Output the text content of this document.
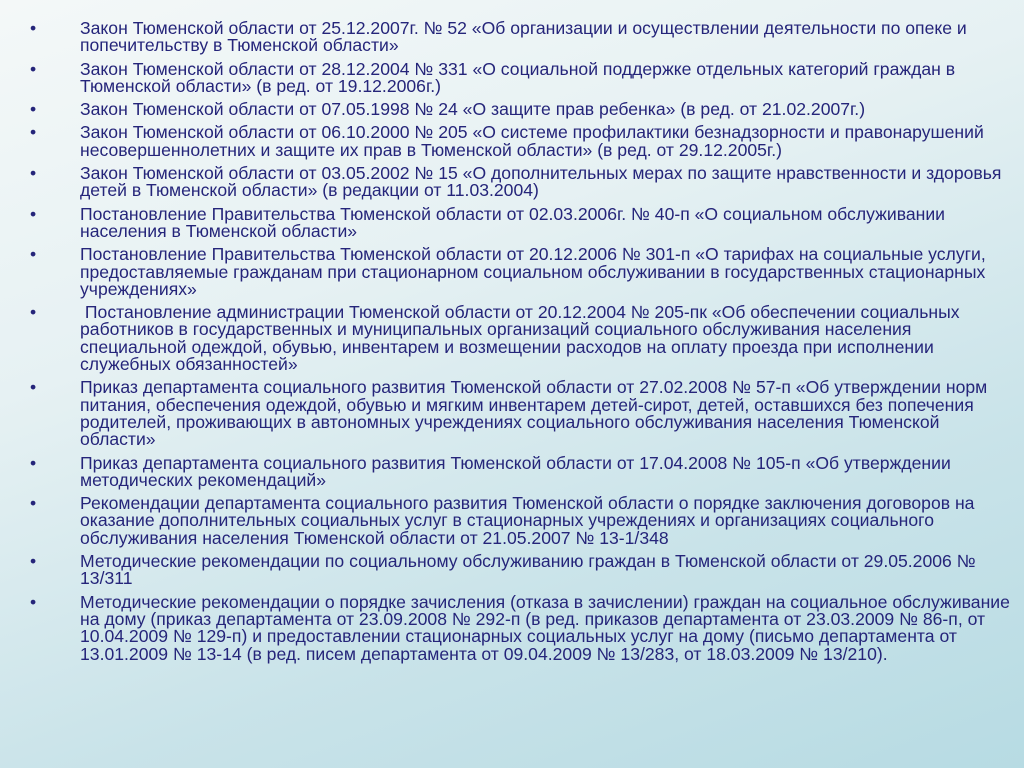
• Закон Тюменской области от 25.12.2007г. № 52 «Об организации и осуществлении деятельности по опеке и попечительству в Тюменской области»
• Закон Тюменской области от 28.12.2004 № 331 «О социальной поддержке отдельных категорий граждан в Тюменской области» (в ред. от 19.12.2006г.)
• Закон Тюменской области от 07.05.1998 № 24 «О защите прав ребенка» (в ред. от 21.02.2007г.)
• Закон Тюменской области от 06.10.2000 № 205 «О системе профилактики безнадзорности и правонарушений несовершеннолетних и защите их прав в Тюменской области» (в ред. от 29.12.2005г.)
• Закон Тюменской области от 03.05.2002 № 15 «О дополнительных мерах по защите нравственности и здоровья детей в Тюменской области» (в редакции от 11.03.2004)
• Постановление Правительства Тюменской области от 02.03.2006г. № 40-п «О социальном обслуживании населения в Тюменской области»
• Постановление Правительства Тюменской области от 20.12.2006 № 301-п «О тарифах на социальные услуги, предоставляемые гражданам при стационарном социальном обслуживании в государственных стационарных учреждениях»
• Постановление администрации Тюменской области от 20.12.2004 № 205-пк «Об обеспечении социальных работников в государственных и муниципальных организаций социального обслуживания населения специальной одеждой, обувью, инвентарем и возмещении расходов на оплату проезда при исполнении служебных обязанностей»
• Приказ департамента социального развития Тюменской области от 27.02.2008 № 57-п «Об утверждении норм питания, обеспечения одеждой, обувью и мягким инвентарем детей-сирот, детей, оставшихся без попечения родителей, проживающих в автономных учреждениях социального обслуживания населения Тюменской области»
• Приказ департамента социального развития Тюменской области от 17.04.2008 № 105-п «Об утверждении методических рекомендаций»
• Рекомендации департамента социального развития Тюменской области о порядке заключения договоров на оказание дополнительных социальных услуг в стационарных учреждениях и организациях социального обслуживания населения Тюменской области от 21.05.2007 № 13-1/348
• Методические рекомендации по социальному обслуживанию граждан в Тюменской области от 29.05.2006 № 13/311
• Методические рекомендации о порядке зачисления (отказа в зачислении) граждан на социальное обслуживание на дому (приказ департамента от 23.09.2008 № 292-п (в ред. приказов департамента от 23.03.2009 № 86-п, от 10.04.2009 № 129-п) и предоставлении стационарных социальных услуг на дому (письмо департамента от 13.01.2009 № 13-14 (в ред. писем департамента от 09.04.2009 № 13/283, от 18.03.2009 № 13/210).
